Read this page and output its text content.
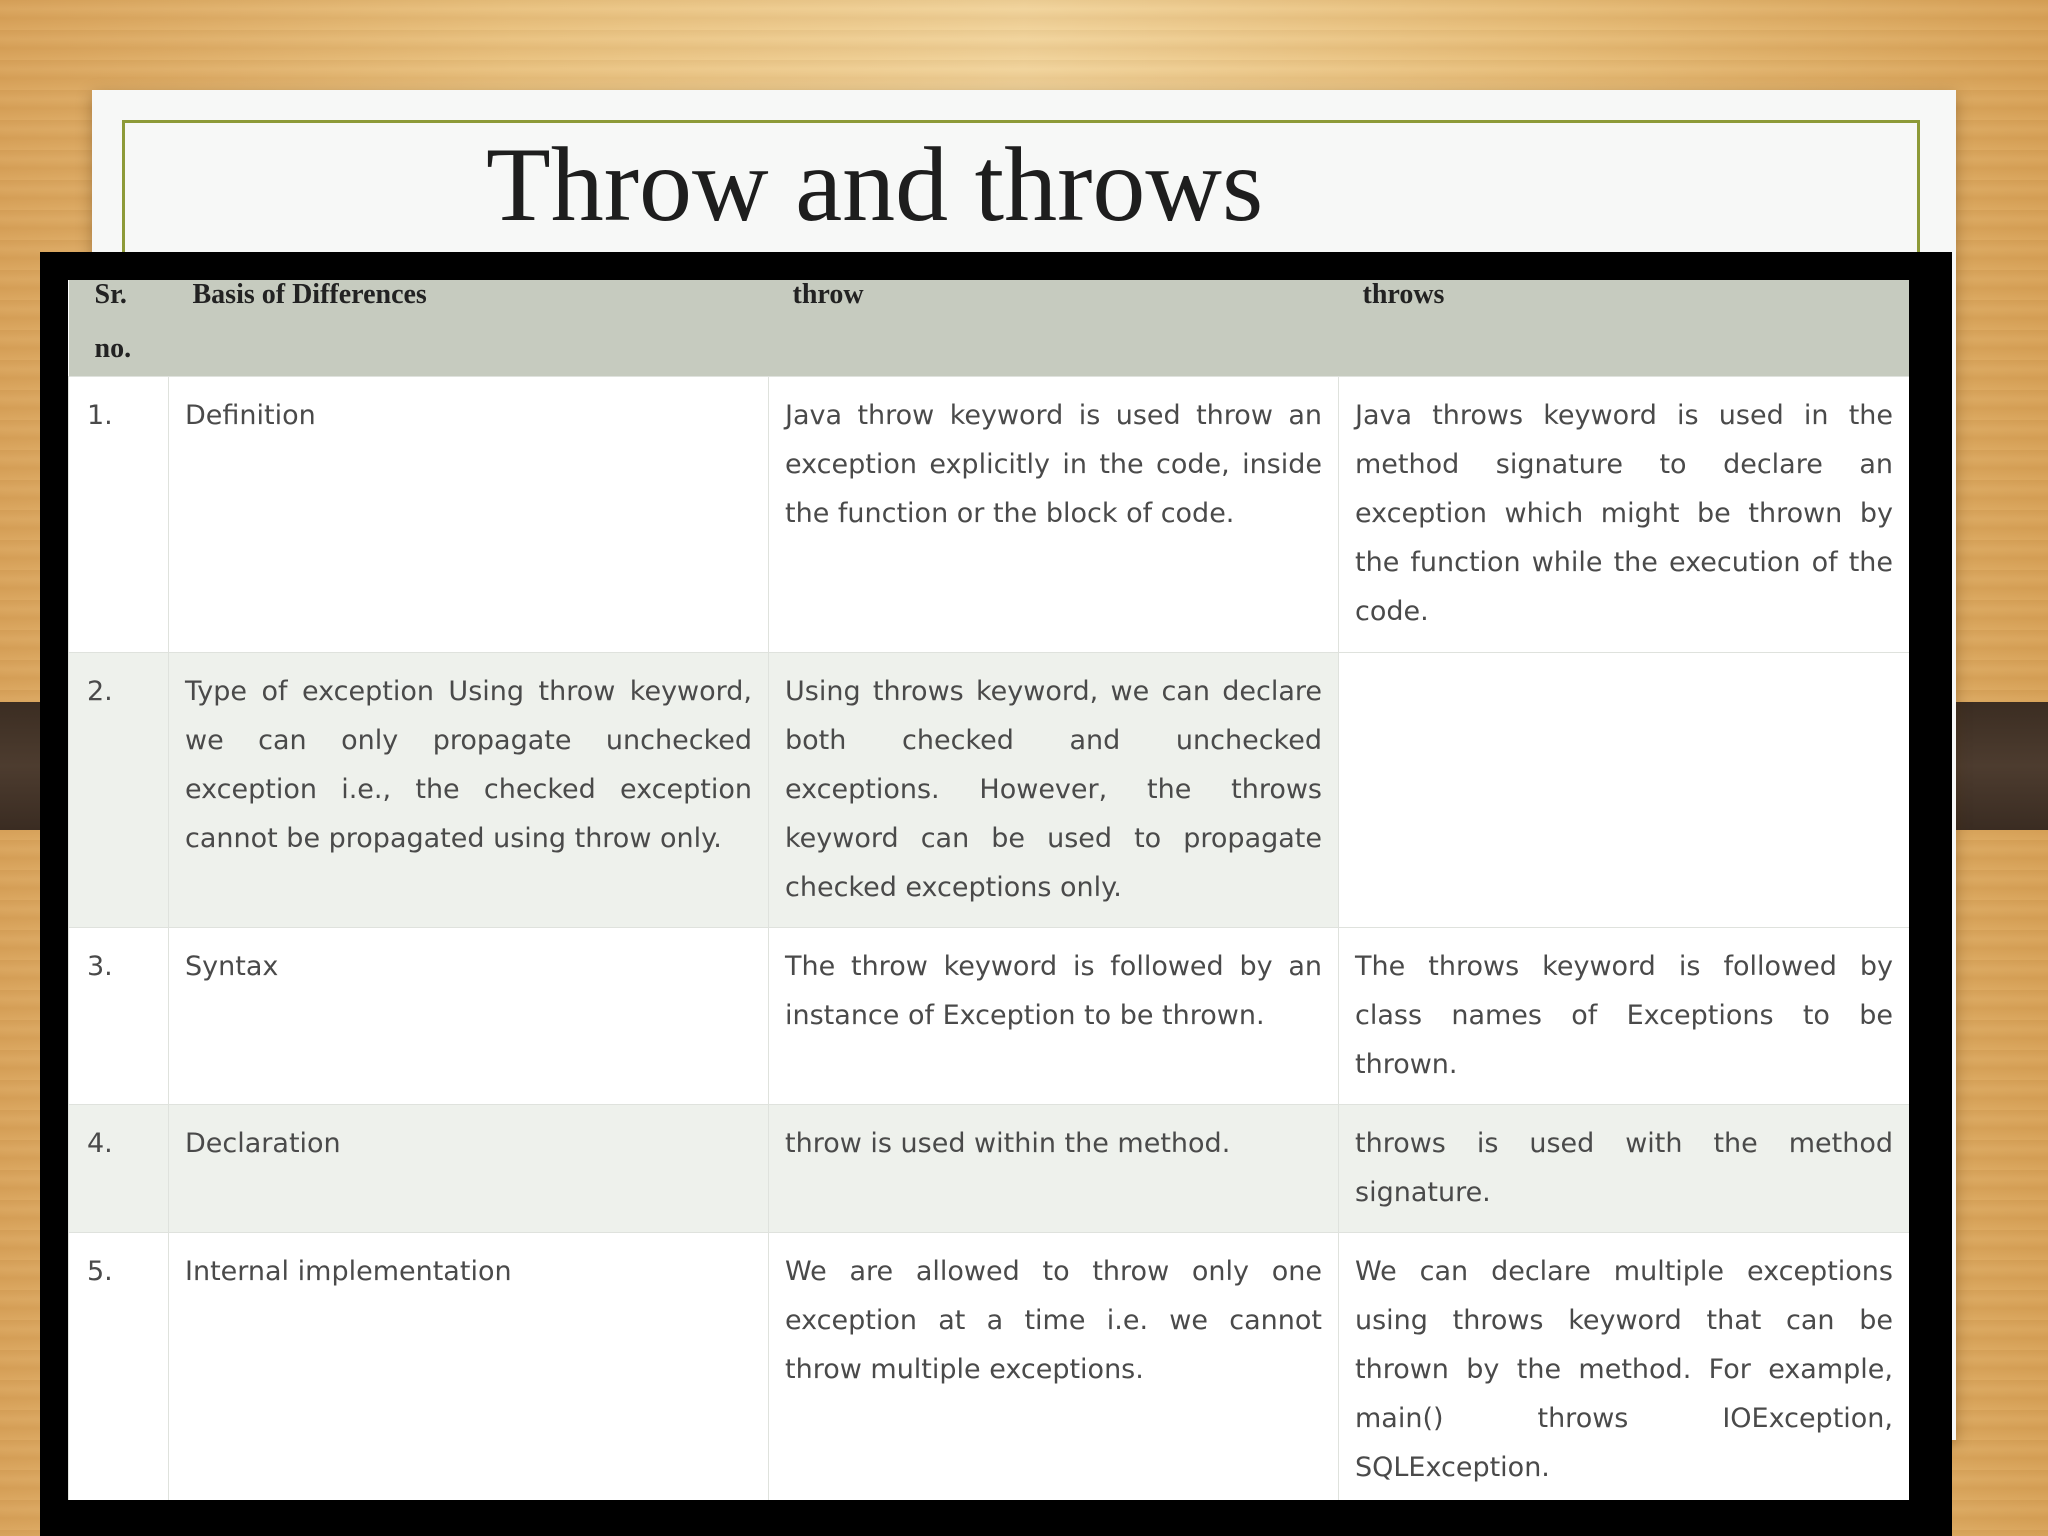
Throw and throws
Sr. no.	Basis of Differences	throw	throws
1.	Definition	Java throw keyword is used throw an exception explicitly in the code, inside the function or the block of code.	Java throws keyword is used in the method signature to declare an exception which might be thrown by the function while the execution of the code.
2.	Type of exception Using throw keyword, we can only propagate unchecked exception i.e., the checked exception cannot be propagated using throw only.	Using throws keyword, we can declare both checked and unchecked exceptions. However, the throws keyword can be used to propagate checked exceptions only.	
3.	Syntax	The throw keyword is followed by an instance of Exception to be thrown.	The throws keyword is followed by class names of Exceptions to be thrown.
4.	Declaration	throw is used within the method.	throws is used with the method signature.
5.	Internal implementation	We are allowed to throw only one exception at a time i.e. we cannot throw multiple exceptions.	We can declare multiple exceptions using throws keyword that can be thrown by the method. For example, main() throws IOException, SQLException.
